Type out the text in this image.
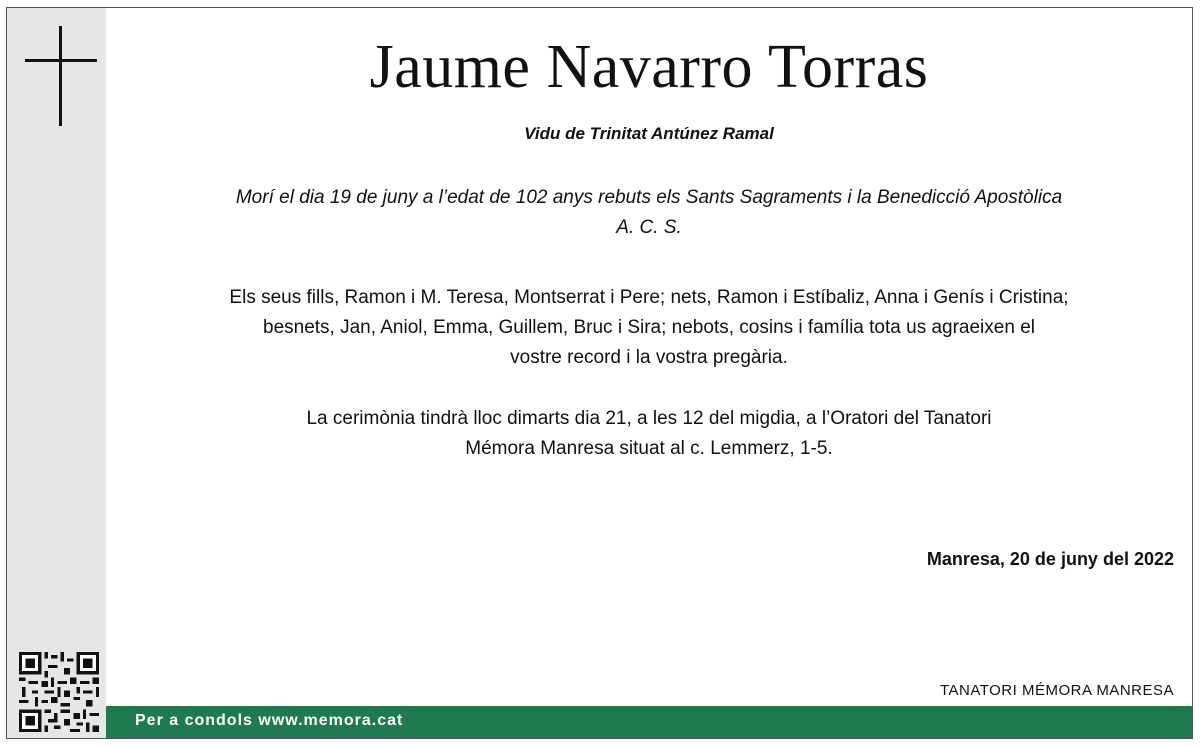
Jaume Navarro Torras
Vidu de Trinitat Antúnez Ramal
Morí el dia 19 de juny a l’edat de 102 anys rebuts els Sants Sagraments i la Benedicció Apostòlica
A. C. S.
Els seus fills, Ramon i M. Teresa, Montserrat i Pere; nets, Ramon i Estíbaliz, Anna i Genís i Cristina;
besnets, Jan, Aniol, Emma, Guillem, Bruc i Sira; nebots, cosins i família tota us agraeixen el
vostre record i la vostra pregària.
La cerimònia tindrà lloc dimarts dia 21, a les 12 del migdia, a l’Oratori del Tanatori
Mémora Manresa situat al c. Lemmerz, 1-5.
Manresa, 20 de juny del 2022
TANATORI MÉMORA MANRESA
Per a condols www.memora.cat
